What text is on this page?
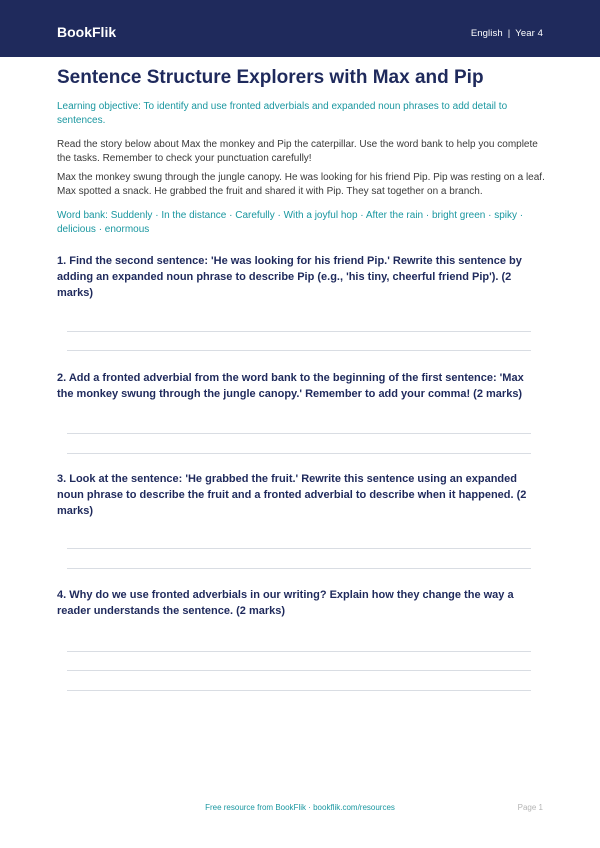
BookFlik	English | Year 4
Sentence Structure Explorers with Max and Pip

Learning objective: To identify and use fronted adverbials and expanded noun phrases to add detail to sentences.

Read the story below about Max the monkey and Pip the caterpillar. Use the word bank to help you complete the tasks. Remember to check your punctuation carefully!

Max the monkey swung through the jungle canopy. He was looking for his friend Pip. Pip was resting on a leaf. Max spotted a snack. He grabbed the fruit and shared it with Pip. They sat together on a branch.

Word bank: Suddenly · In the distance · Carefully · With a joyful hop · After the rain · bright green · spiky · delicious · enormous

1. Find the second sentence: 'He was looking for his friend Pip.' Rewrite this sentence by adding an expanded noun phrase to describe Pip (e.g., 'his tiny, cheerful friend Pip'). (2 marks)

2. Add a fronted adverbial from the word bank to the beginning of the first sentence: 'Max the monkey swung through the jungle canopy.' Remember to add your comma! (2 marks)

3. Look at the sentence: 'He grabbed the fruit.' Rewrite this sentence using an expanded noun phrase to describe the fruit and a fronted adverbial to describe when it happened. (2 marks)

4. Why do we use fronted adverbials in our writing? Explain how they change the way a reader understands the sentence. (2 marks)

Free resource from BookFlik · bookflik.com/resources	Page 1
